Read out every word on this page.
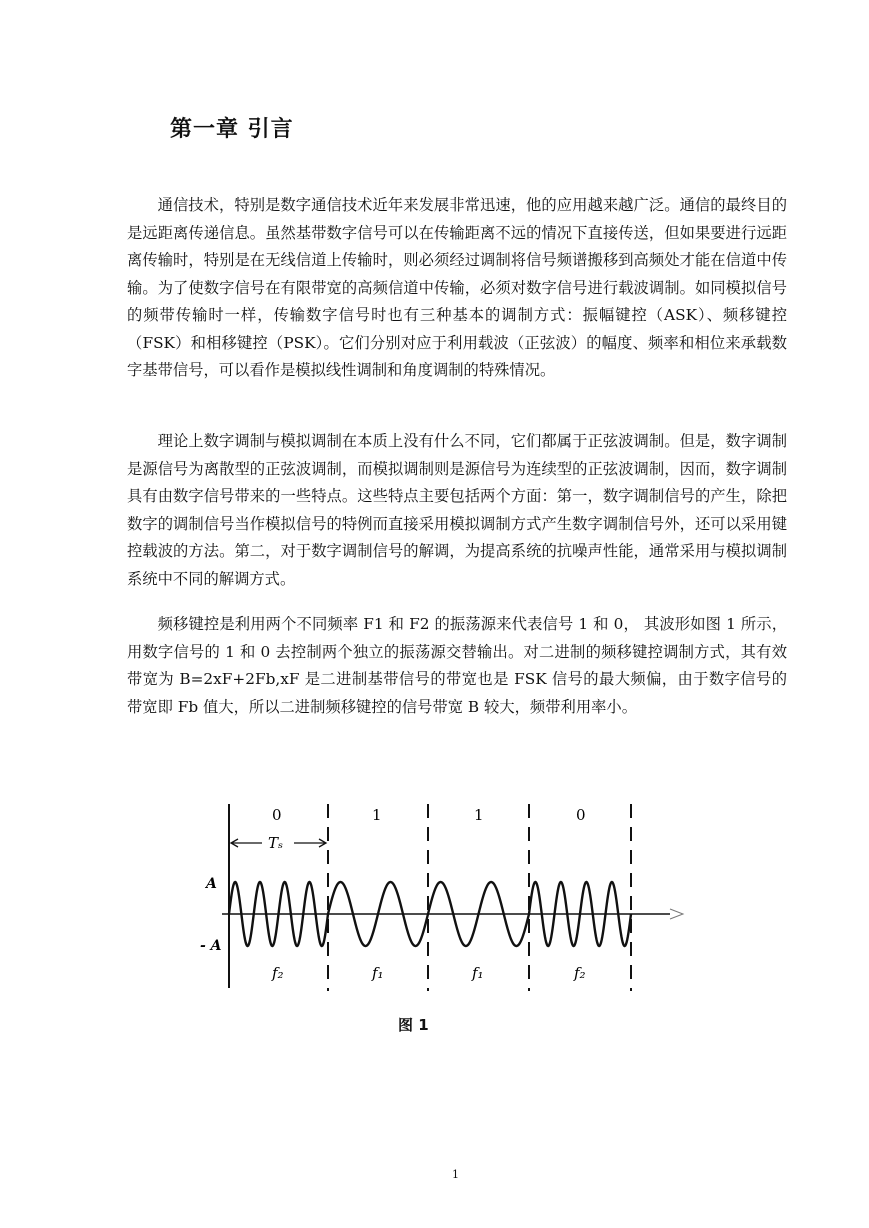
第一章 引言

通信技术，特别是数字通信技术近年来发展非常迅速，他的应用越来越广泛。通信的最终目的是远距离传递信息。虽然基带数字信号可以在传输距离不远的情况下直接传送，但如果要进行远距离传输时，特别是在无线信道上传输时，则必须经过调制将信号频谱搬移到高频处才能在信道中传输。为了使数字信号在有限带宽的高频信道中传输，必须对数字信号进行载波调制。如同模拟信号的频带传输时一样，传输数字信号时也有三种基本的调制方式：振幅键控（ASK）、频移键控（FSK）和相移键控（PSK）。它们分别对应于利用载波（正弦波）的幅度、频率和相位来承载数字基带信号，可以看作是模拟线性调制和角度调制的特殊情况。

理论上数字调制与模拟调制在本质上没有什么不同，它们都属于正弦波调制。但是，数字调制是源信号为离散型的正弦波调制，而模拟调制则是源信号为连续型的正弦波调制，因而，数字调制具有由数字信号带来的一些特点。这些特点主要包括两个方面：第一，数字调制信号的产生，除把数字的调制信号当作模拟信号的特例而直接采用模拟调制方式产生数字调制信号外，还可以采用键控载波的方法。第二，对于数字调制信号的解调，为提高系统的抗噪声性能，通常采用与模拟调制系统中不同的解调方式。

频移键控是利用两个不同频率 F1 和 F2 的振荡源来代表信号 1 和 0， 其波形如图 1 所示，用数字信号的 1 和 0 去控制两个独立的振荡源交替输出。对二进制的频移键控调制方式，其有效带宽为 B=2xF+2Fb,xF 是二进制基带信号的带宽也是 FSK 信号的最大频偏，由于数字信号的带宽即 Fb 值大，所以二进制频移键控的信号带宽 B 较大，频带利用率小。

Tₛ
0	1	1	0
A
- A
f₂	f₁	f₁	f₂

图 1

1
